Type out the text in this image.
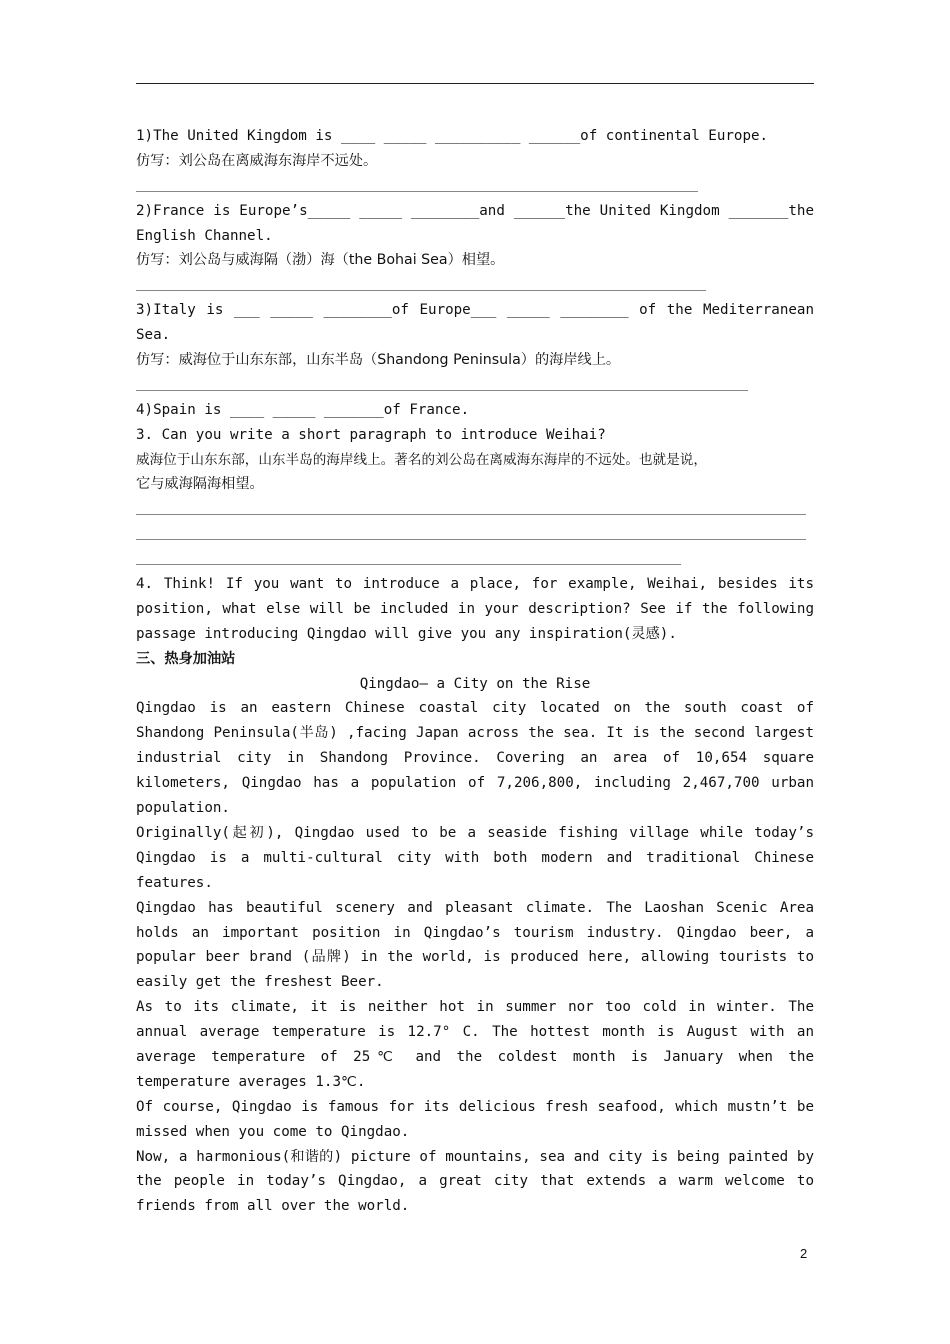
1)The United Kingdom is ____ _____ __________ ______of continental Europe.
仿写：刘公岛在离威海东海岸不远处。
2)France is Europe’s_____ _____ ________and ______the United Kingdom _______the
English Channel.
仿写：刘公岛与威海隔（渤）海（the Bohai Sea）相望。
3)Italy is ___ _____ ________of Europe___ _____ ________ of the Mediterranean
Sea.
仿写：威海位于山东东部，山东半岛（Shandong Peninsula）的海岸线上。
4)Spain is ____ _____ _______of France.
3. Can you write a short paragraph to introduce Weihai?
威海位于山东东部，山东半岛的海岸线上。著名的刘公岛在离威海东海岸的不远处。也就是说，
它与威海隔海相望。
4. Think! If you want to introduce a place, for example, Weihai, besides its
position, what else will be included in your description? See if the following
passage introducing Qingdao will give you any inspiration(灵感).
三、热身加油站
Qingdao— a City on the Rise
Qingdao is an eastern Chinese coastal city located on the south coast of
Shandong Peninsula(半岛) ,facing Japan across the sea. It is the second largest
industrial city in Shandong Province. Covering an area of 10,654 square
kilometers, Qingdao has a population of 7,206,800, including 2,467,700 urban
population.
Originally(起初), Qingdao used to be a seaside fishing village while today’s
Qingdao is a multi-cultural city with both modern and traditional Chinese
features.
Qingdao has beautiful scenery and pleasant climate. The Laoshan Scenic Area
holds an important position in Qingdao’s tourism industry. Qingdao beer, a
popular beer brand (品牌) in the world, is produced here, allowing tourists to
easily get the freshest Beer.
As to its climate, it is neither hot in summer nor too cold in winter. The
annual average temperature is 12.7° C. The hottest month is August with an
average temperature of 25℃ and the coldest month is January when the
temperature averages 1.3℃.
Of course, Qingdao is famous for its delicious fresh seafood, which mustn’t be
missed when you come to Qingdao.
Now, a harmonious(和谐的) picture of mountains, sea and city is being painted by
the people in today’s Qingdao, a great city that extends a warm welcome to
friends from all over the world.
2
